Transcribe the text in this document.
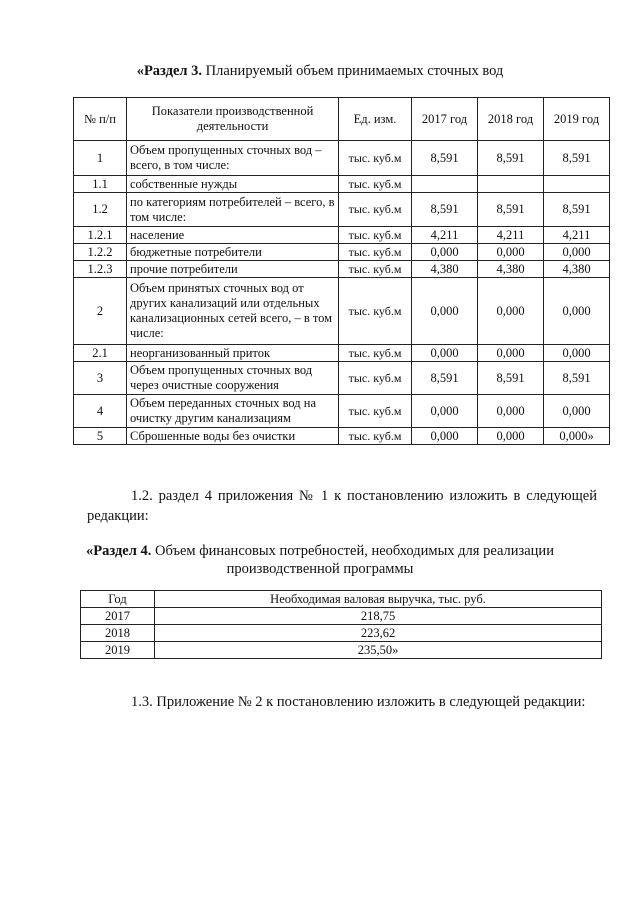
«Раздел 3. Планируемый объем принимаемых сточных вод
№ п/п	Показатели производственной деятельности	Ед. изм.	2017 год	2018 год	2019 год
1	Объем пропущенных сточных вод – всего, в том числе:	тыс. куб.м	8,591	8,591	8,591
1.1	собственные нужды	тыс. куб.м			
1.2	по категориям потребителей – всего, в том числе:	тыс. куб.м	8,591	8,591	8,591
1.2.1	население	тыс. куб.м	4,211	4,211	4,211
1.2.2	бюджетные потребители	тыс. куб.м	0,000	0,000	0,000
1.2.3	прочие потребители	тыс. куб.м	4,380	4,380	4,380
2	Объем принятых сточных вод от других канализаций или отдельных канализационных сетей всего, – в том числе:	тыс. куб.м	0,000	0,000	0,000
2.1	неорганизованный приток	тыс. куб.м	0,000	0,000	0,000
3	Объем пропущенных сточных вод через очистные сооружения	тыс. куб.м	8,591	8,591	8,591
4	Объем переданных сточных вод на очистку другим канализациям	тыс. куб.м	0,000	0,000	0,000
5	Сброшенные воды без очистки	тыс. куб.м	0,000	0,000	0,000»
1.2. раздел 4 приложения № 1 к постановлению изложить в следующей редакции:
«Раздел 4. Объем финансовых потребностей, необходимых для реализации
производственной программы
Год	Необходимая валовая выручка, тыс. руб.
2017	218,75
2018	223,62
2019	235,50»
1.3. Приложение № 2 к постановлению изложить в следующей редакции:
